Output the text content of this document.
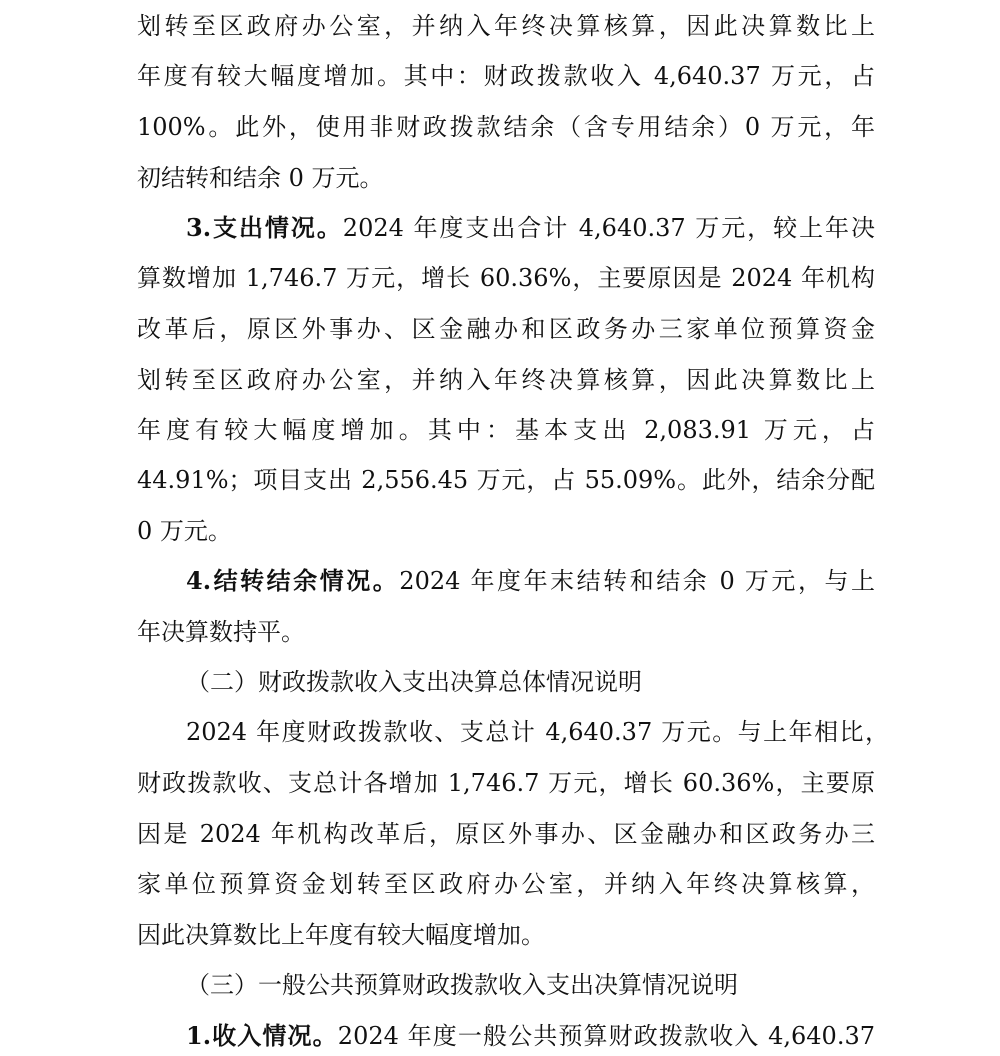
划转至区政府办公室，并纳入年终决算核算，因此决算数比上
年度有较大幅度增加。其中：财政拨款收入 4,640.37 万元，占
100%。此外，使用非财政拨款结余（含专用结余）0 万元，年
初结转和结余 0 万元。
3.支出情况。2024 年度支出合计 4,640.37 万元，较上年决
算数增加 1,746.7 万元，增长 60.36%，主要原因是 2024 年机构
改革后，原区外事办、区金融办和区政务办三家单位预算资金
划转至区政府办公室，并纳入年终决算核算，因此决算数比上
年度有较大幅度增加。其中：基本支出 2,083.91 万元，占
44.91%；项目支出 2,556.45 万元，占 55.09%。此外，结余分配
0 万元。
4.结转结余情况。2024 年度年末结转和结余 0 万元，与上
年决算数持平。
（二）财政拨款收入支出决算总体情况说明
2024 年度财政拨款收、支总计 4,640.37 万元。与上年相比，
财政拨款收、支总计各增加 1,746.7 万元，增长 60.36%，主要原
因是 2024 年机构改革后，原区外事办、区金融办和区政务办三
家单位预算资金划转至区政府办公室，并纳入年终决算核算，
因此决算数比上年度有较大幅度增加。
（三）一般公共预算财政拨款收入支出决算情况说明
1.收入情况。2024 年度一般公共预算财政拨款收入 4,640.37
